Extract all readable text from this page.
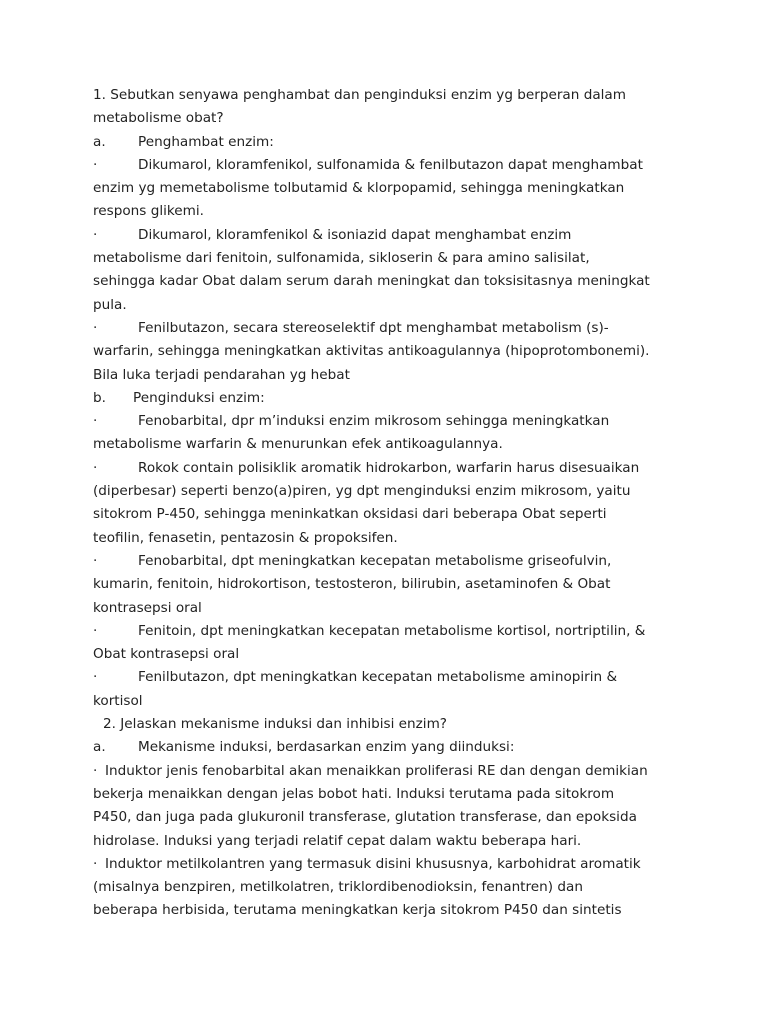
1. Sebutkan senyawa penghambat dan penginduksi enzim yg berperan dalam
metabolisme obat?
a. Penghambat enzim:
·	Dikumarol, kloramfenikol, sulfonamida & fenilbutazon dapat menghambat
enzim yg memetabolisme tolbutamid & klorpopamid, sehingga meningkatkan
respons glikemi.
·	Dikumarol, kloramfenikol & isoniazid dapat menghambat enzim
metabolisme dari fenitoin, sulfonamida, sikloserin & para amino salisilat,
sehingga kadar Obat dalam serum darah meningkat dan toksisitasnya meningkat
pula.
·	Fenilbutazon, secara stereoselektif dpt menghambat metabolism (s)-
warfarin, sehingga meningkatkan aktivitas antikoagulannya (hipoprotombonemi).
Bila luka terjadi pendarahan yg hebat
b. Penginduksi enzim:
·	Fenobarbital, dpr m’induksi enzim mikrosom sehingga meningkatkan
metabolisme warfarin & menurunkan efek antikoagulannya.
·	Rokok contain polisiklik aromatik hidrokarbon, warfarin harus disesuaikan
(diperbesar) seperti benzo(a)piren, yg dpt menginduksi enzim mikrosom, yaitu
sitokrom P-450, sehingga meninkatkan oksidasi dari beberapa Obat seperti
teofilin, fenasetin, pentazosin & propoksifen.
·	Fenobarbital, dpt meningkatkan kecepatan metabolisme griseofulvin,
kumarin, fenitoin, hidrokortison, testosteron, bilirubin, asetaminofen & Obat
kontrasepsi oral
·	Fenitoin, dpt meningkatkan kecepatan metabolisme kortisol, nortriptilin, &
Obat kontrasepsi oral
·	Fenilbutazon, dpt meningkatkan kecepatan metabolisme aminopirin &
kortisol
2. Jelaskan mekanisme induksi dan inhibisi enzim?
a. Mekanisme induksi, berdasarkan enzim yang diinduksi:
· Induktor jenis fenobarbital akan menaikkan proliferasi RE dan dengan demikian
bekerja menaikkan dengan jelas bobot hati. Induksi terutama pada sitokrom
P450, dan juga pada glukuronil transferase, glutation transferase, dan epoksida
hidrolase. Induksi yang terjadi relatif cepat dalam waktu beberapa hari.
· Induktor metilkolantren yang termasuk disini khususnya, karbohidrat aromatik
(misalnya benzpiren, metilkolatren, triklordibenodioksin, fenantren) dan
beberapa herbisida, terutama meningkatkan kerja sitokrom P450 dan sintetis
